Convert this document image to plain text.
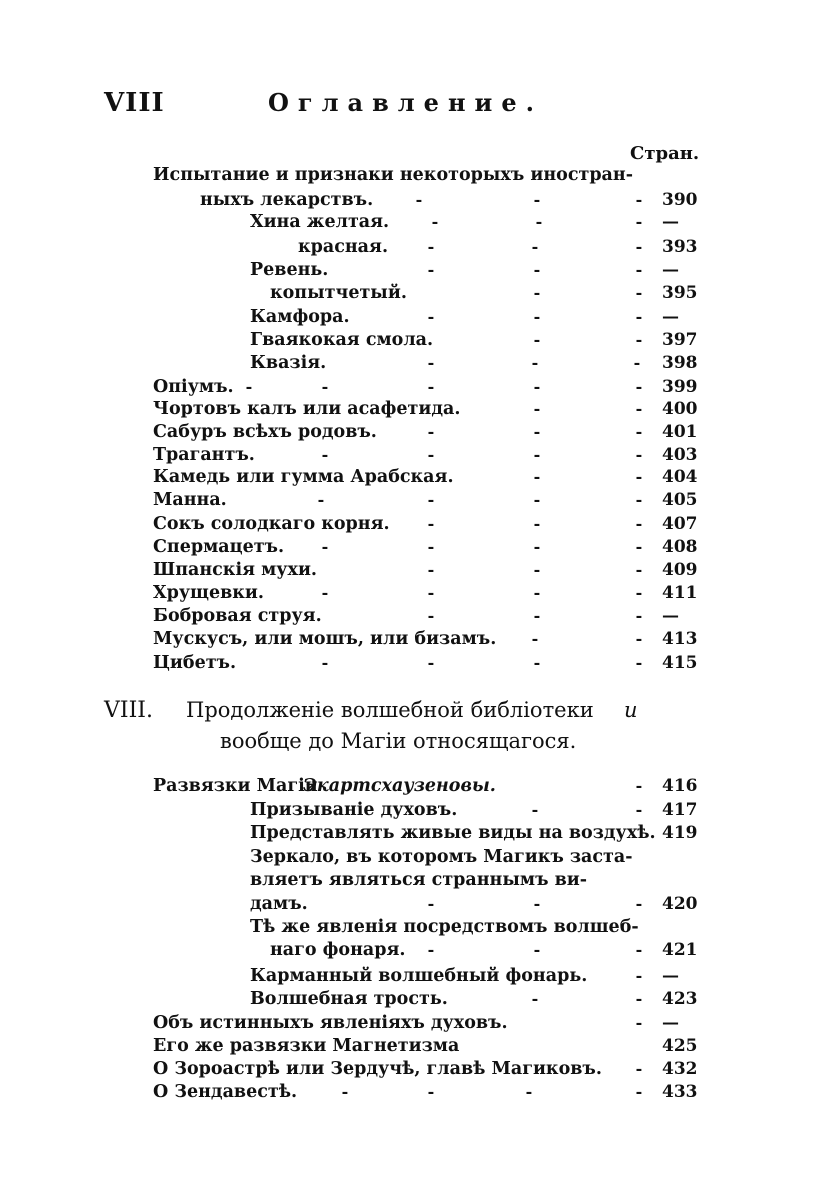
VIII	Оглавлениe.
Стран.
Испытание и признаки некоторыхъ иностран-
ныхъ лекарствъ.	-	-	- 390
Хина желтая.	-	-	- —
красная. -	-	- 393
Ревень.	-	-	- —
копытчетый.	-	- 395
Камфора.	-	-	- —
Гваякокая смола.	-	- 397
Квазія.	-	-	- 398
Опіумъ. -	-	-	-	- 399
Чортовъ калъ или асафетида.	-	- 400
Сабуръ всѣхъ родовъ.	-	-	- 401
Трагантъ.	-	-	-	- 403
Камедь или гумма Арабская.	-	- 404
Манна.	-	-	-	- 405
Сокъ солодкаго корня. -	-	- 407
Спермацетъ. -	-	-	- 408
Шпанскія мухи.	-	-	- 409
Хрущевки.	-	-	-	- 411
Бобровая струя.	-	-	- —
Мускусъ, или мошъ, или бизамъ. -	- 413
Цибетъ.	-	-	-	- 415
VIII. Продолженіе волшебной библіотеки и
вообще до Магіи относящагося.
Развязки Магіи
Экартсхаузеновы.	- 416
Призываніе духовъ.	-	- 417
Представлять живые виды на воздухѣ. 419
Зеркало, въ которомъ Магикъ заста-
вляетъ являться страннымъ ви-
дамъ.	-	-	- 420
Тѣ же явленія посредствомъ волшеб-
наго фонаря. -	-	- 421
Карманный волшебный фонарь.	- —
Волшебная трость.	-	- 423
Объ истинныхъ явленіяхъ духовъ.	- —
Его же развязки Магнетизма	425
О Зороастрѣ или Зердучѣ, главѣ Магиковъ. - 432
О Зендавестѣ.	-	-	-	- 433
